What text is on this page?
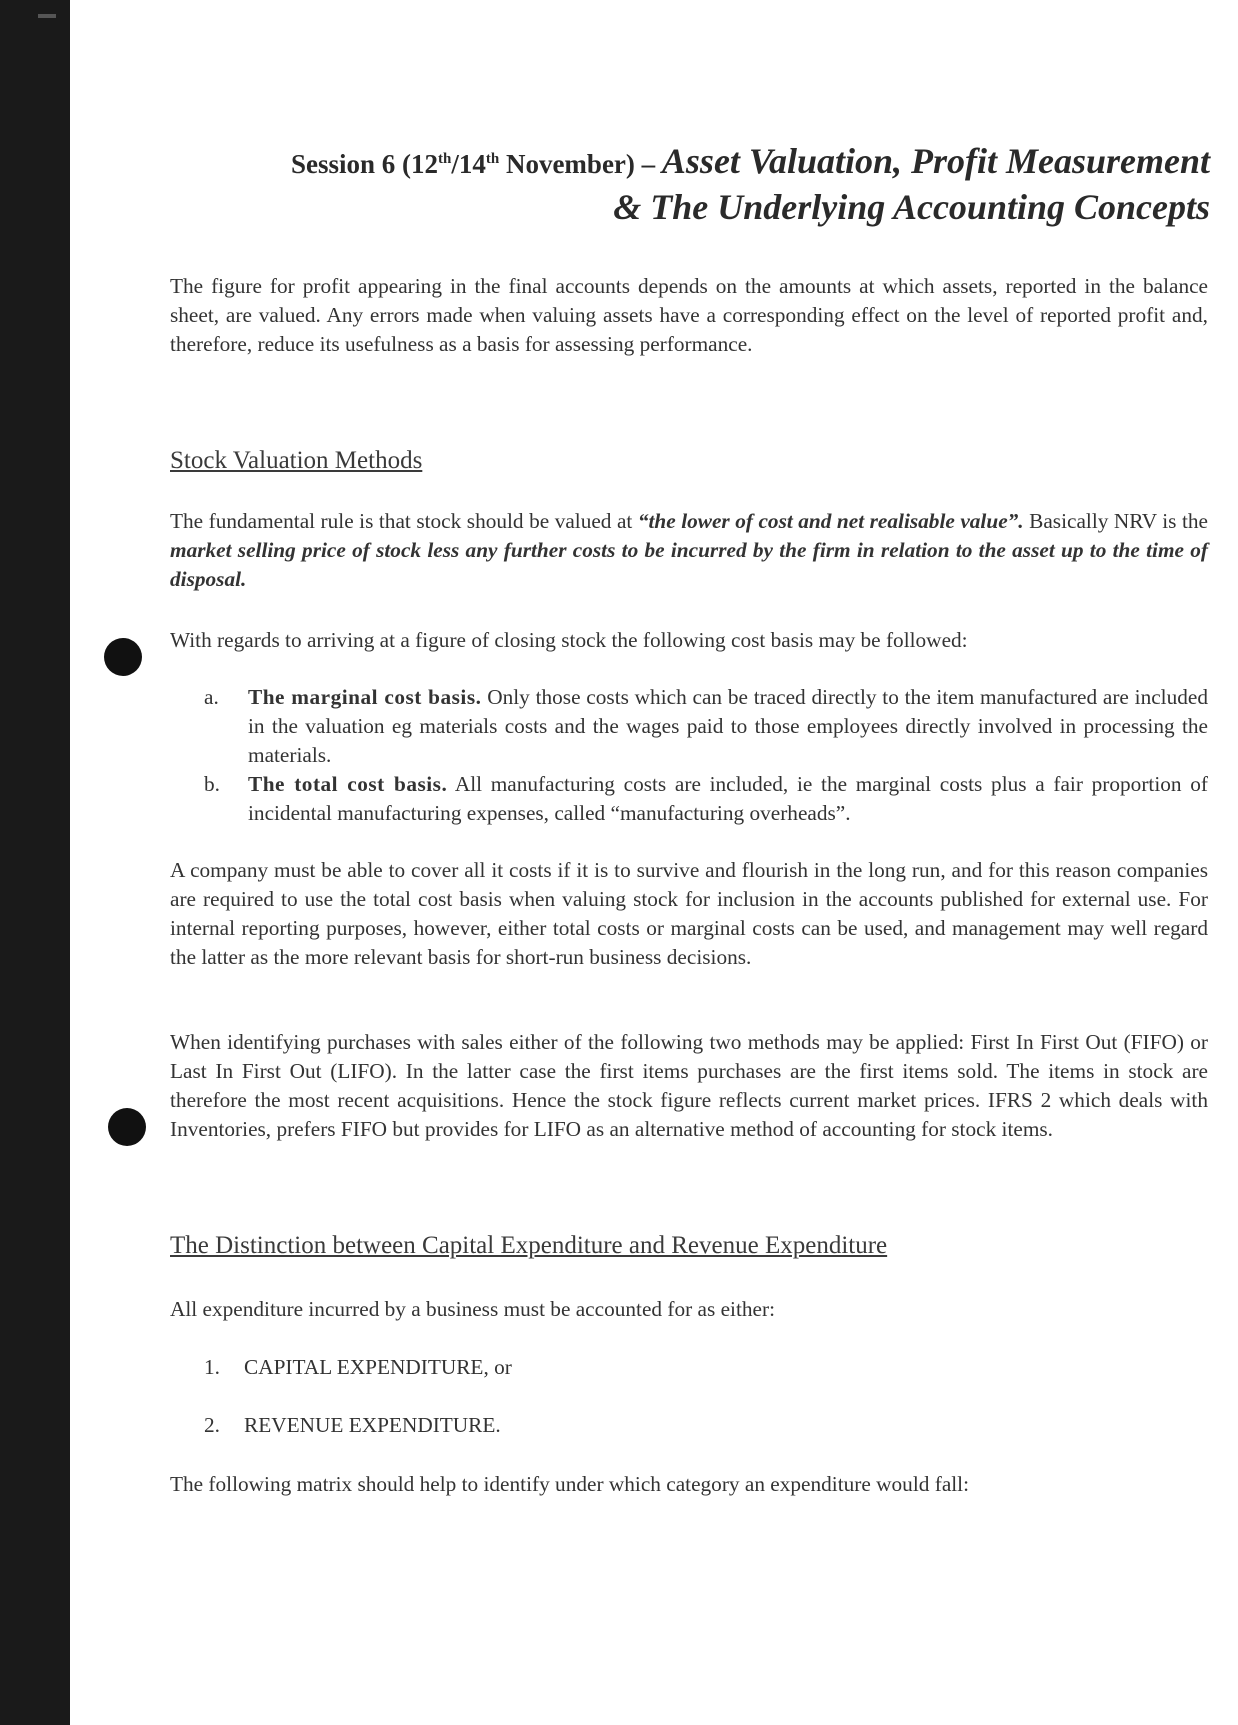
Session 6 (12th/14th November) – Asset Valuation, Profit Measurement
& The Underlying Accounting Concepts

The figure for profit appearing in the final accounts depends on the amounts at which assets, reported in the balance sheet, are valued. Any errors made when valuing assets have a corresponding effect on the level of reported profit and, therefore, reduce its usefulness as a basis for assessing performance.

Stock Valuation Methods

The fundamental rule is that stock should be valued at “the lower of cost and net realisable value”. Basically NRV is the market selling price of stock less any further costs to be incurred by the firm in relation to the asset up to the time of disposal.

With regards to arriving at a figure of closing stock the following cost basis may be followed:

a. The marginal cost basis. Only those costs which can be traced directly to the item manufactured are included in the valuation eg materials costs and the wages paid to those employees directly involved in processing the materials.
b. The total cost basis. All manufacturing costs are included, ie the marginal costs plus a fair proportion of incidental manufacturing expenses, called “manufacturing overheads”.

A company must be able to cover all it costs if it is to survive and flourish in the long run, and for this reason companies are required to use the total cost basis when valuing stock for inclusion in the accounts published for external use. For internal reporting purposes, however, either total costs or marginal costs can be used, and management may well regard the latter as the more relevant basis for short-run business decisions.

When identifying purchases with sales either of the following two methods may be applied: First In First Out (FIFO) or Last In First Out (LIFO). In the latter case the first items purchases are the first items sold. The items in stock are therefore the most recent acquisitions. Hence the stock figure reflects current market prices. IFRS 2 which deals with Inventories, prefers FIFO but provides for LIFO as an alternative method of accounting for stock items.

The Distinction between Capital Expenditure and Revenue Expenditure

All expenditure incurred by a business must be accounted for as either:

1. CAPITAL EXPENDITURE, or
2. REVENUE EXPENDITURE.

The following matrix should help to identify under which category an expenditure would fall:
